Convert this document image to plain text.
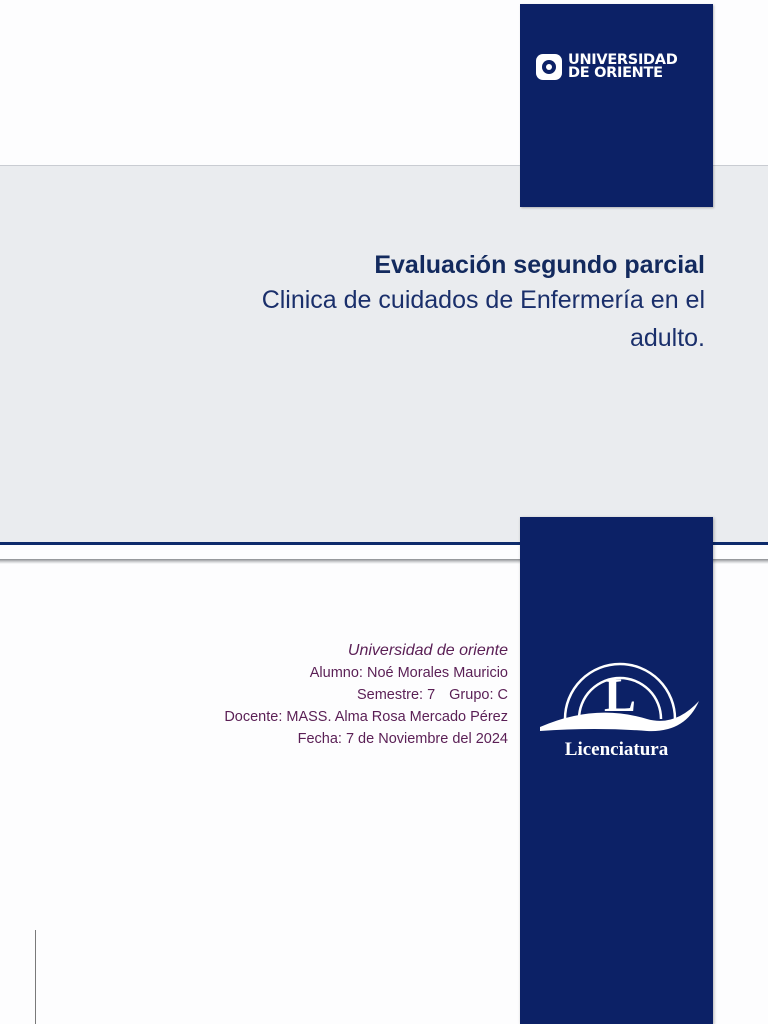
UNIVERSIDAD
DE ORIENTE
Evaluación segundo parcial
Clinica de cuidados de Enfermería en el
adulto.
L
Licenciatura
Universidad de oriente
Alumno: Noé Morales Mauricio
Semestre: 7 Grupo: C
Docente: MASS. Alma Rosa Mercado Pérez
Fecha: 7 de Noviembre del 2024
